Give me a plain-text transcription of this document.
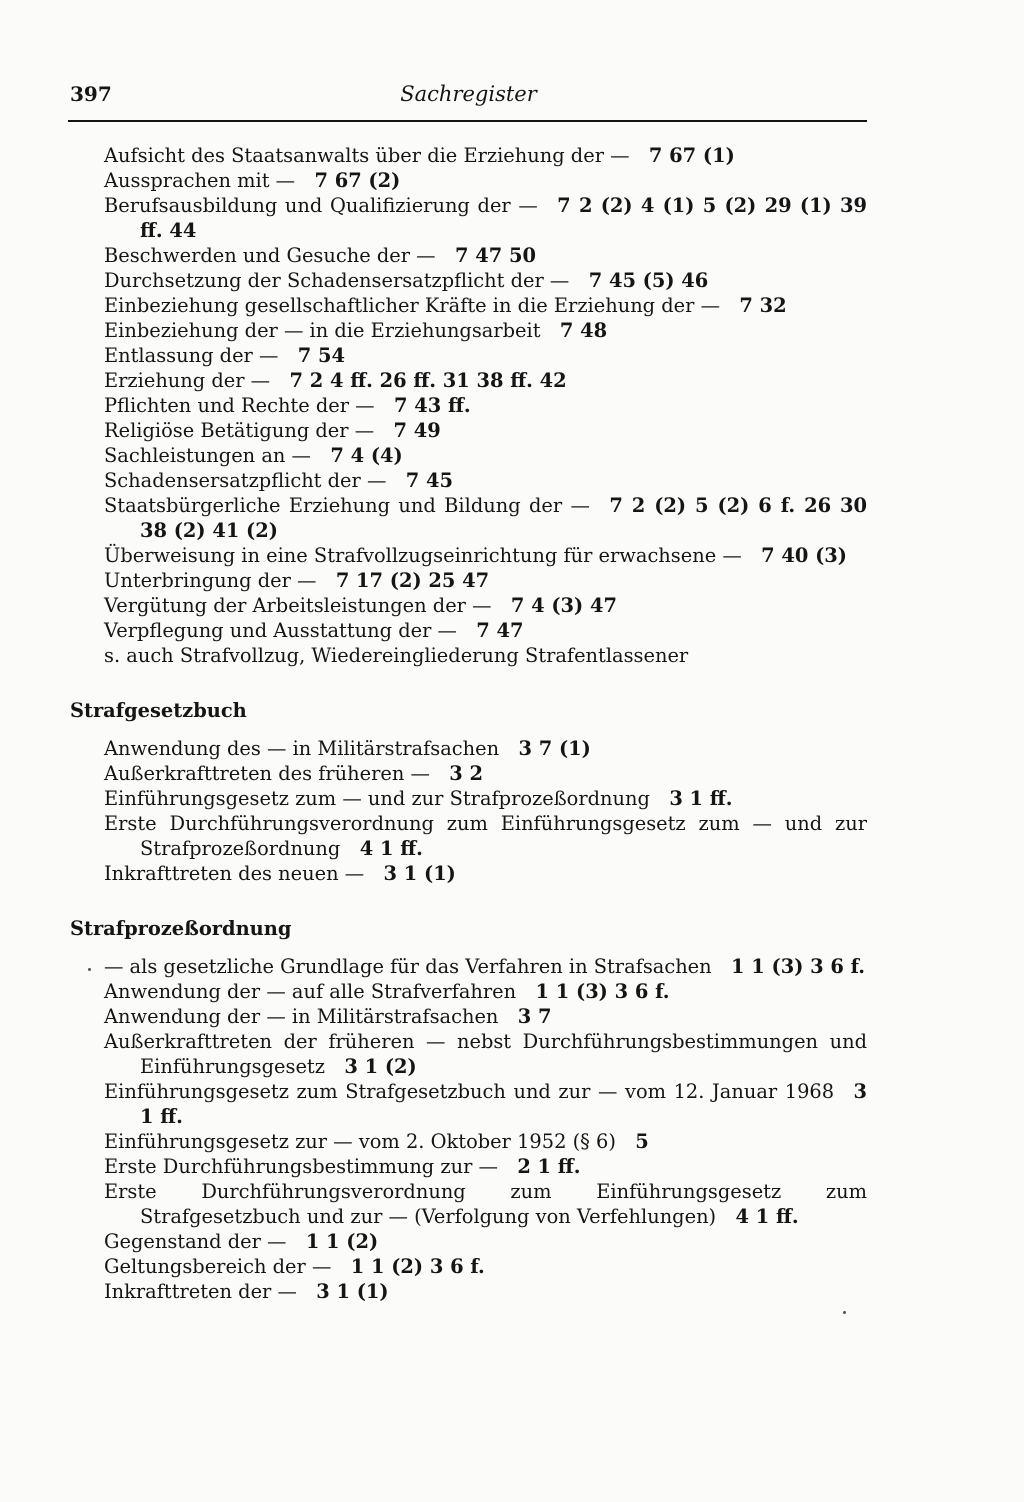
397	Sachregister
Aufsicht des Staatsanwalts über die Erziehung der — 7 67 (1)
Aussprachen mit — 7 67 (2)
Berufsausbildung und Qualifizierung der — 7 2 (2) 4 (1) 5 (2) 29 (1) 39 ff. 44
Beschwerden und Gesuche der — 7 47 50
Durchsetzung der Schadensersatzpflicht der — 7 45 (5) 46
Einbeziehung gesellschaftlicher Kräfte in die Erziehung der — 7 32
Einbeziehung der — in die Erziehungsarbeit 7 48
Entlassung der — 7 54
Erziehung der — 7 2 4 ff. 26 ff. 31 38 ff. 42
Pflichten und Rechte der — 7 43 ff.
Religiöse Betätigung der — 7 49
Sachleistungen an — 7 4 (4)
Schadensersatzpflicht der — 7 45
Staatsbürgerliche Erziehung und Bildung der — 7 2 (2) 5 (2) 6 f. 26 30 38 (2) 41 (2)
Überweisung in eine Strafvollzugseinrichtung für erwachsene — 7 40 (3)
Unterbringung der — 7 17 (2) 25 47
Vergütung der Arbeitsleistungen der — 7 4 (3) 47
Verpflegung und Ausstattung der — 7 47
s. auch Strafvollzug, Wiedereingliederung Strafentlassener
Strafgesetzbuch
Anwendung des — in Militärstrafsachen 3 7 (1)
Außerkrafttreten des früheren — 3 2
Einführungsgesetz zum — und zur Strafprozeßordnung 3 1 ff.
Erste Durchführungsverordnung zum Einführungsgesetz zum — und zur Strafprozeßordnung 4 1 ff.
Inkrafttreten des neuen — 3 1 (1)
Strafprozeßordnung
— als gesetzliche Grundlage für das Verfahren in Strafsachen 1 1 (3) 3 6 f.
Anwendung der — auf alle Strafverfahren 1 1 (3) 3 6 f.
Anwendung der — in Militärstrafsachen 3 7
Außerkrafttreten der früheren — nebst Durchführungsbestimmungen und Einführungsgesetz 3 1 (2)
Einführungsgesetz zum Strafgesetzbuch und zur — vom 12. Januar 1968 3 1 ff.
Einführungsgesetz zur — vom 2. Oktober 1952 (§ 6) 5
Erste Durchführungsbestimmung zur — 2 1 ff.
Erste Durchführungsverordnung zum Einführungsgesetz zum Strafgesetzbuch und zur — (Verfolgung von Verfehlungen) 4 1 ff.
Gegenstand der — 1 1 (2)
Geltungsbereich der — 1 1 (2) 3 6 f.
Inkrafttreten der — 3 1 (1)
